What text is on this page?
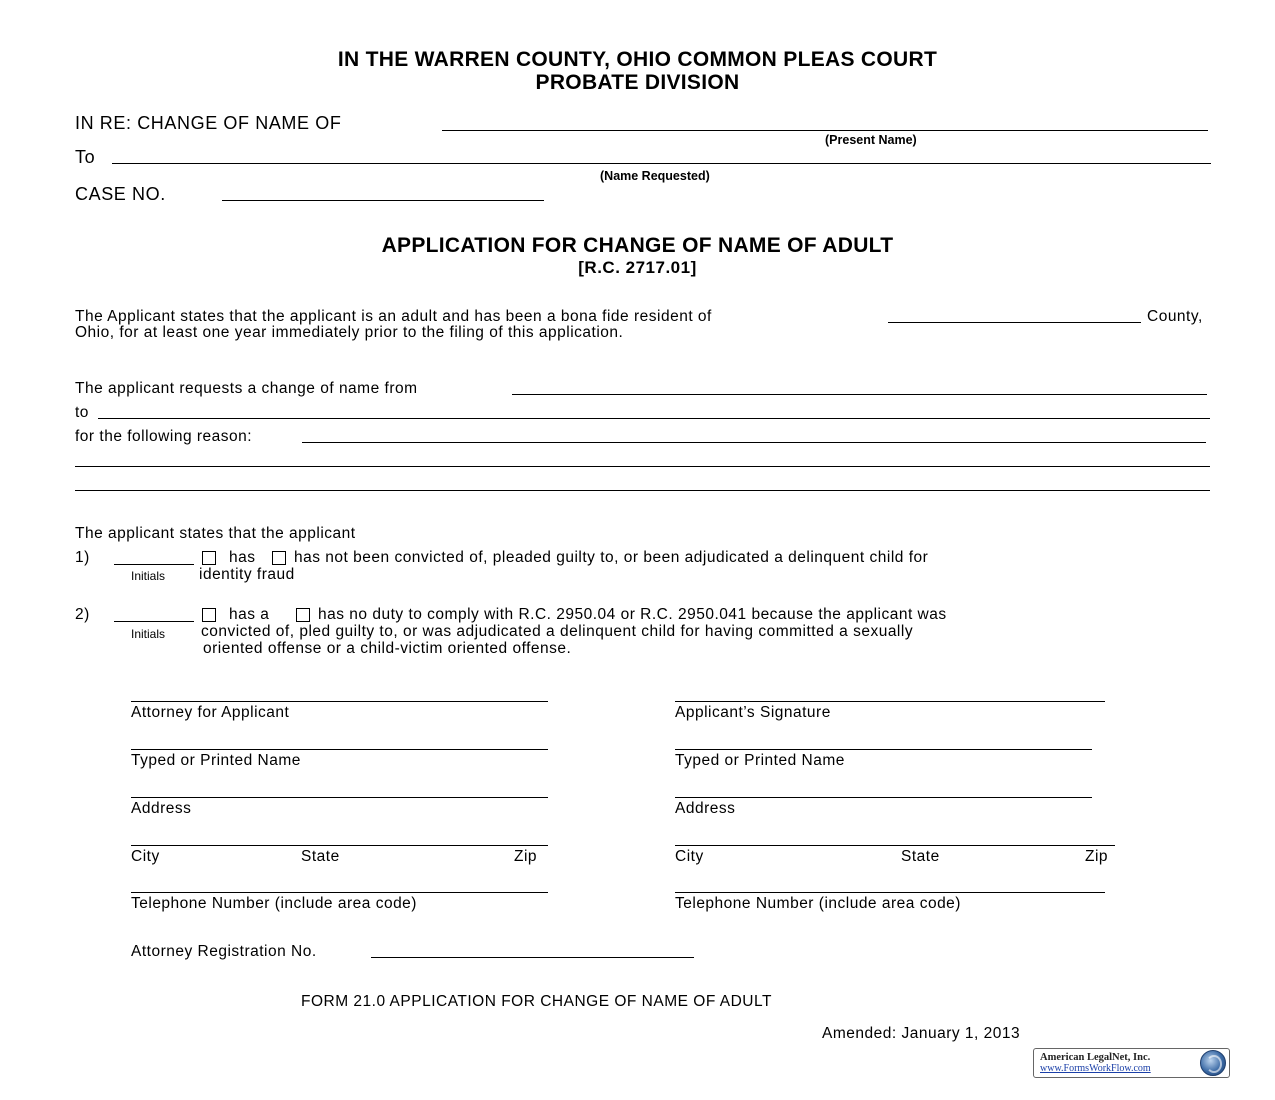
IN THE WARREN COUNTY, OHIO COMMON PLEAS COURT
PROBATE DIVISION
IN RE: CHANGE OF NAME OF
(Present Name)
To
(Name Requested)
CASE NO.
APPLICATION FOR CHANGE OF NAME OF ADULT
[R.C. 2717.01]
The Applicant states that the applicant is an adult and has been a bona fide resident of	County,
Ohio, for at least one year immediately prior to the filing of this application.
The applicant requests a change of name from
to
for the following reason:
The applicant states that the applicant
1)
Initials
has has not been convicted of, pleaded guilty to, or been adjudicated a delinquent child for
identity fraud
2)
Initials
has a	has no duty to comply with R.C. 2950.04 or R.C. 2950.041 because the applicant was
convicted of, pled guilty to, or was adjudicated a delinquent child for having committed a sexually
oriented offense or a child-victim oriented offense.
Attorney for Applicant
Typed or Printed Name
Address
City	State	Zip
Telephone Number (include area code)
Applicant’s Signature
Typed or Printed Name
Address
City	State	Zip
Telephone Number (include area code)
Attorney Registration No.
FORM 21.0 APPLICATION FOR CHANGE OF NAME OF ADULT
Amended: January 1, 2013
American LegalNet, Inc.
www.FormsWorkFlow.com
